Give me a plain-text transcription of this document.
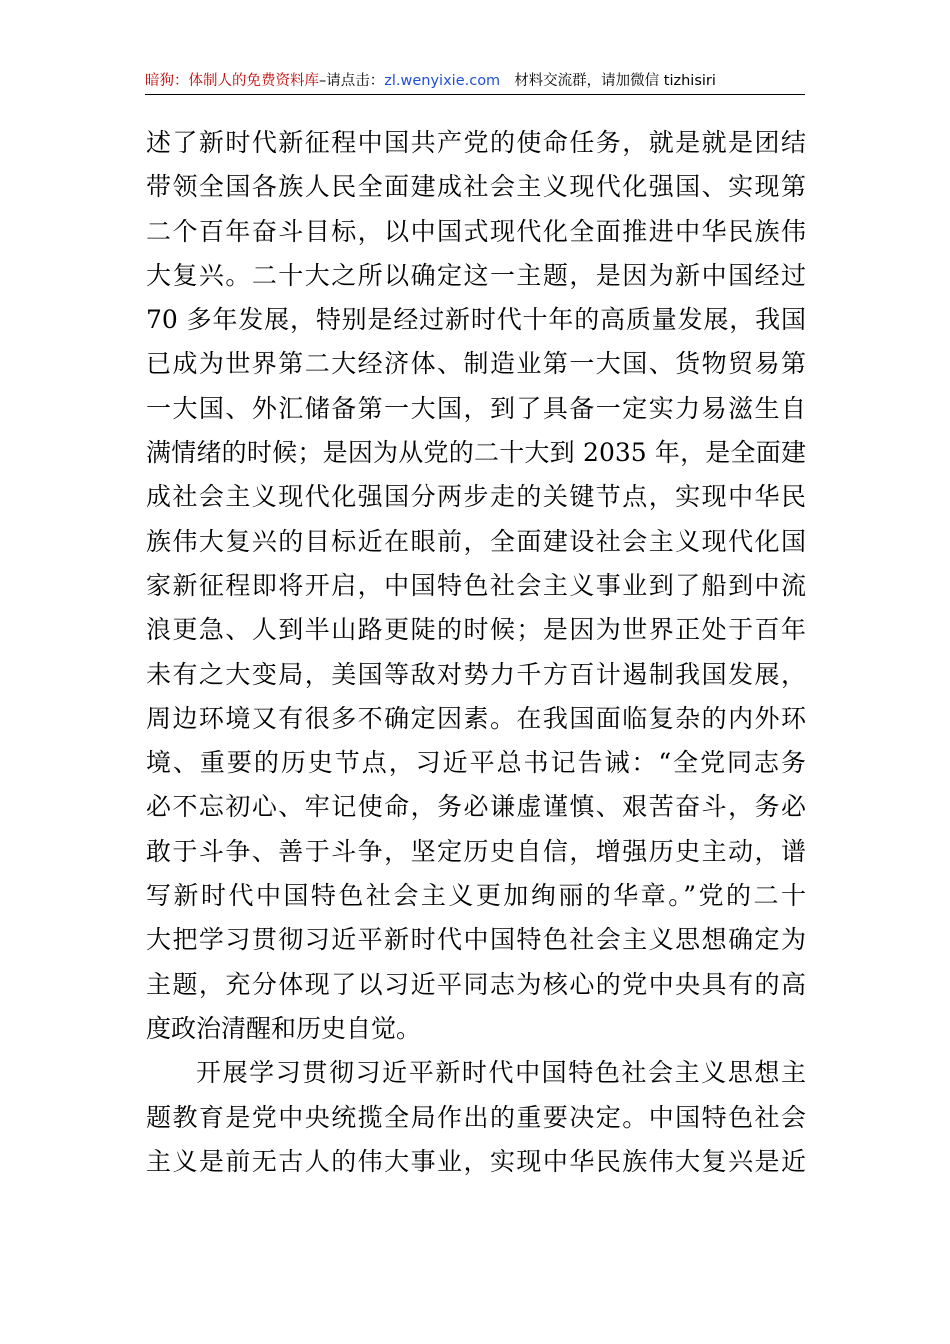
暗狗：体制人的免费资料库–请点击：zl.wenyixie.com 材料交流群，请加微信 tizhisiri
述了新时代新征程中国共产党的使命任务，就是就是团结
带领全国各族人民全面建成社会主义现代化强国、实现第
二个百年奋斗目标，以中国式现代化全面推进中华民族伟
大复兴。二十大之所以确定这一主题，是因为新中国经过
70 多年发展，特别是经过新时代十年的高质量发展，我国
已成为世界第二大经济体、制造业第一大国、货物贸易第
一大国、外汇储备第一大国，到了具备一定实力易滋生自
满情绪的时候；是因为从党的二十大到 2035 年，是全面建
成社会主义现代化强国分两步走的关键节点，实现中华民
族伟大复兴的目标近在眼前，全面建设社会主义现代化国
家新征程即将开启，中国特色社会主义事业到了船到中流
浪更急、人到半山路更陡的时候；是因为世界正处于百年
未有之大变局，美国等敌对势力千方百计遏制我国发展，
周边环境又有很多不确定因素。在我国面临复杂的内外环
境、重要的历史节点，习近平总书记告诫：“全党同志务
必不忘初心、牢记使命，务必谦虚谨慎、艰苦奋斗，务必
敢于斗争、善于斗争，坚定历史自信，增强历史主动，谱
写新时代中国特色社会主义更加绚丽的华章。”党的二十
大把学习贯彻习近平新时代中国特色社会主义思想确定为
主题，充分体现了以习近平同志为核心的党中央具有的高
度政治清醒和历史自觉。
开展学习贯彻习近平新时代中国特色社会主义思想主
题教育是党中央统揽全局作出的重要决定。中国特色社会
主义是前无古人的伟大事业，实现中华民族伟大复兴是近
